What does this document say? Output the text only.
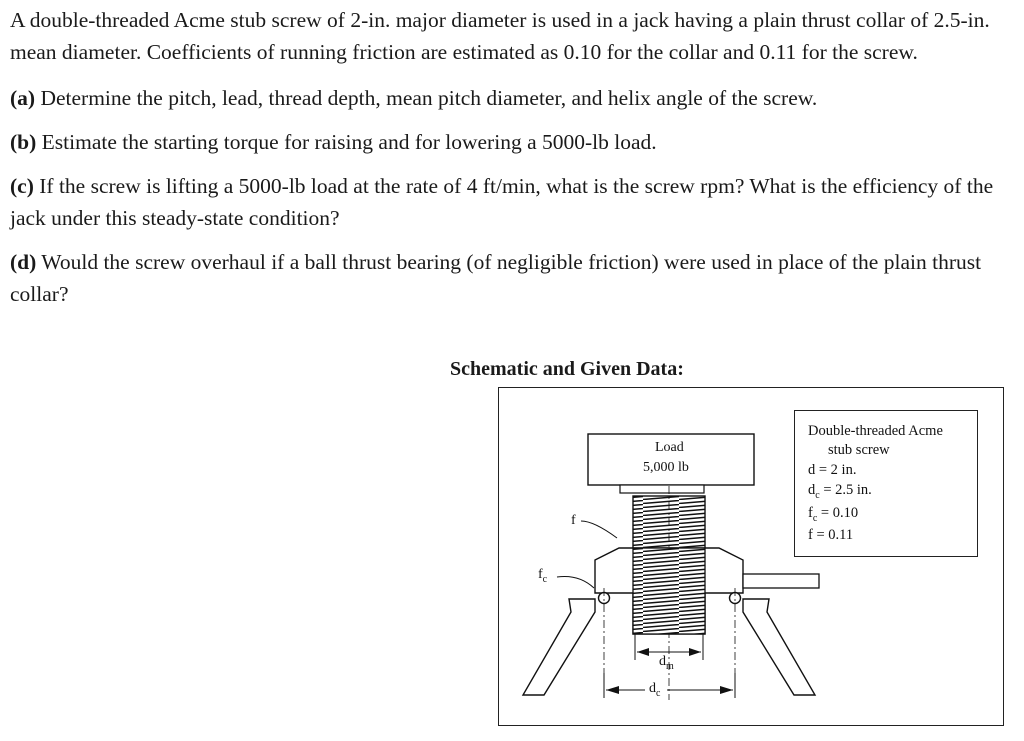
A double-threaded Acme stub screw of 2-in. major diameter is used in a jack having a plain thrust collar of 2.5-in. mean diameter. Coefficients of running friction are estimated as 0.10 for the collar and 0.11 for the screw.

(a) Determine the pitch, lead, thread depth, mean pitch diameter, and helix angle of the screw.

(b) Estimate the starting torque for raising and for lowering a 5000-lb load.

(c) If the screw is lifting a 5000-lb load at the rate of 4 ft/min, what is the screw rpm? What is the efficiency of the jack under this steady-state condition?

(d) Would the screw overhaul if a ball thrust bearing (of negligible friction) were used in place of the plain thrust collar?

Schematic and Given Data:
Load
5,000 lb
f
$f_c$
$d_m$
$d_c$
Double-threaded Acme
stub screw
d = 2 in.
$d_c = 2.5$ in.
$f_c = 0.10$
f = 0.11
